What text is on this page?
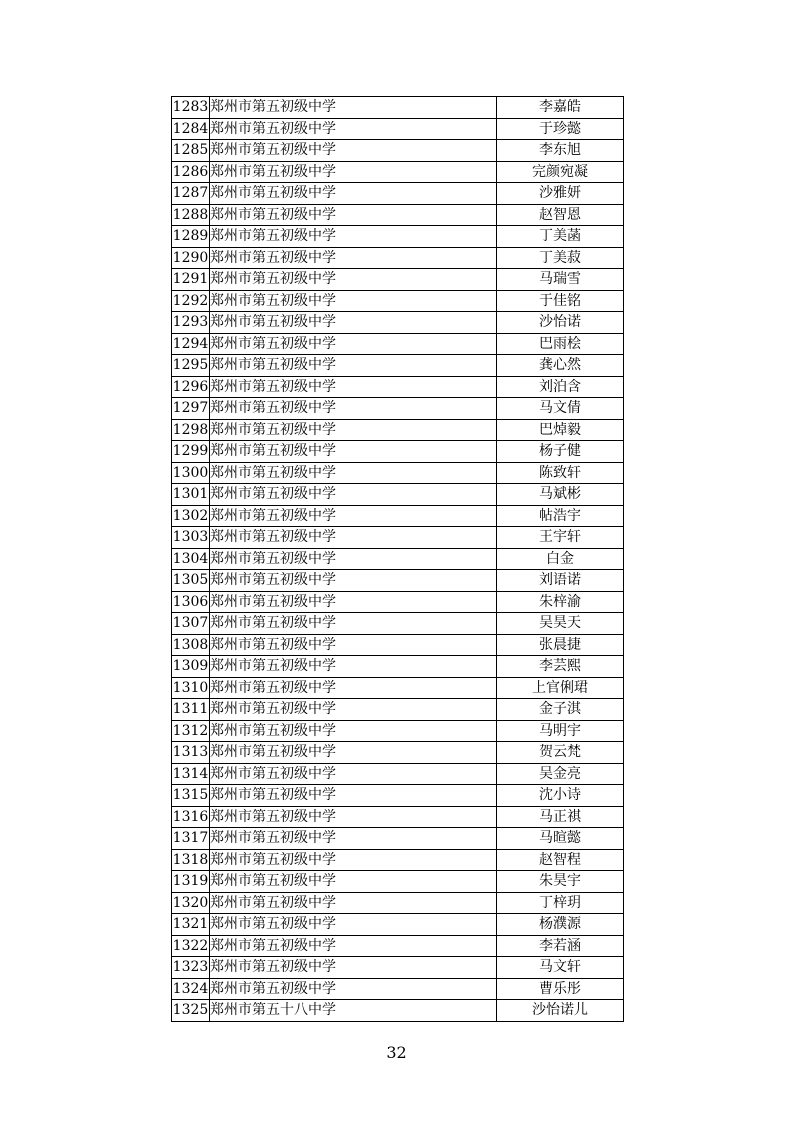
1283	郑州市第五初级中学	李嘉皓
1284	郑州市第五初级中学	于珍懿
1285	郑州市第五初级中学	李东旭
1286	郑州市第五初级中学	完颜宛凝
1287	郑州市第五初级中学	沙雅妍
1288	郑州市第五初级中学	赵智恩
1289	郑州市第五初级中学	丁美菡
1290	郑州市第五初级中学	丁美菽
1291	郑州市第五初级中学	马瑞雪
1292	郑州市第五初级中学	于佳铭
1293	郑州市第五初级中学	沙怡诺
1294	郑州市第五初级中学	巴雨桧
1295	郑州市第五初级中学	龚心然
1296	郑州市第五初级中学	刘泊含
1297	郑州市第五初级中学	马文倩
1298	郑州市第五初级中学	巴焯毅
1299	郑州市第五初级中学	杨子健
1300	郑州市第五初级中学	陈致轩
1301	郑州市第五初级中学	马斌彬
1302	郑州市第五初级中学	帖浩宇
1303	郑州市第五初级中学	王宇轩
1304	郑州市第五初级中学	白金
1305	郑州市第五初级中学	刘语诺
1306	郑州市第五初级中学	朱梓渝
1307	郑州市第五初级中学	吴昊天
1308	郑州市第五初级中学	张晨捷
1309	郑州市第五初级中学	李芸熙
1310	郑州市第五初级中学	上官俐珺
1311	郑州市第五初级中学	金子淇
1312	郑州市第五初级中学	马明宇
1313	郑州市第五初级中学	贺云梵
1314	郑州市第五初级中学	吴金亮
1315	郑州市第五初级中学	沈小诗
1316	郑州市第五初级中学	马正祺
1317	郑州市第五初级中学	马暄懿
1318	郑州市第五初级中学	赵智程
1319	郑州市第五初级中学	朱昊宇
1320	郑州市第五初级中学	丁梓玥
1321	郑州市第五初级中学	杨濮源
1322	郑州市第五初级中学	李若涵
1323	郑州市第五初级中学	马文轩
1324	郑州市第五初级中学	曹乐彤
1325	郑州市第五十八中学	沙怡诺儿
32
